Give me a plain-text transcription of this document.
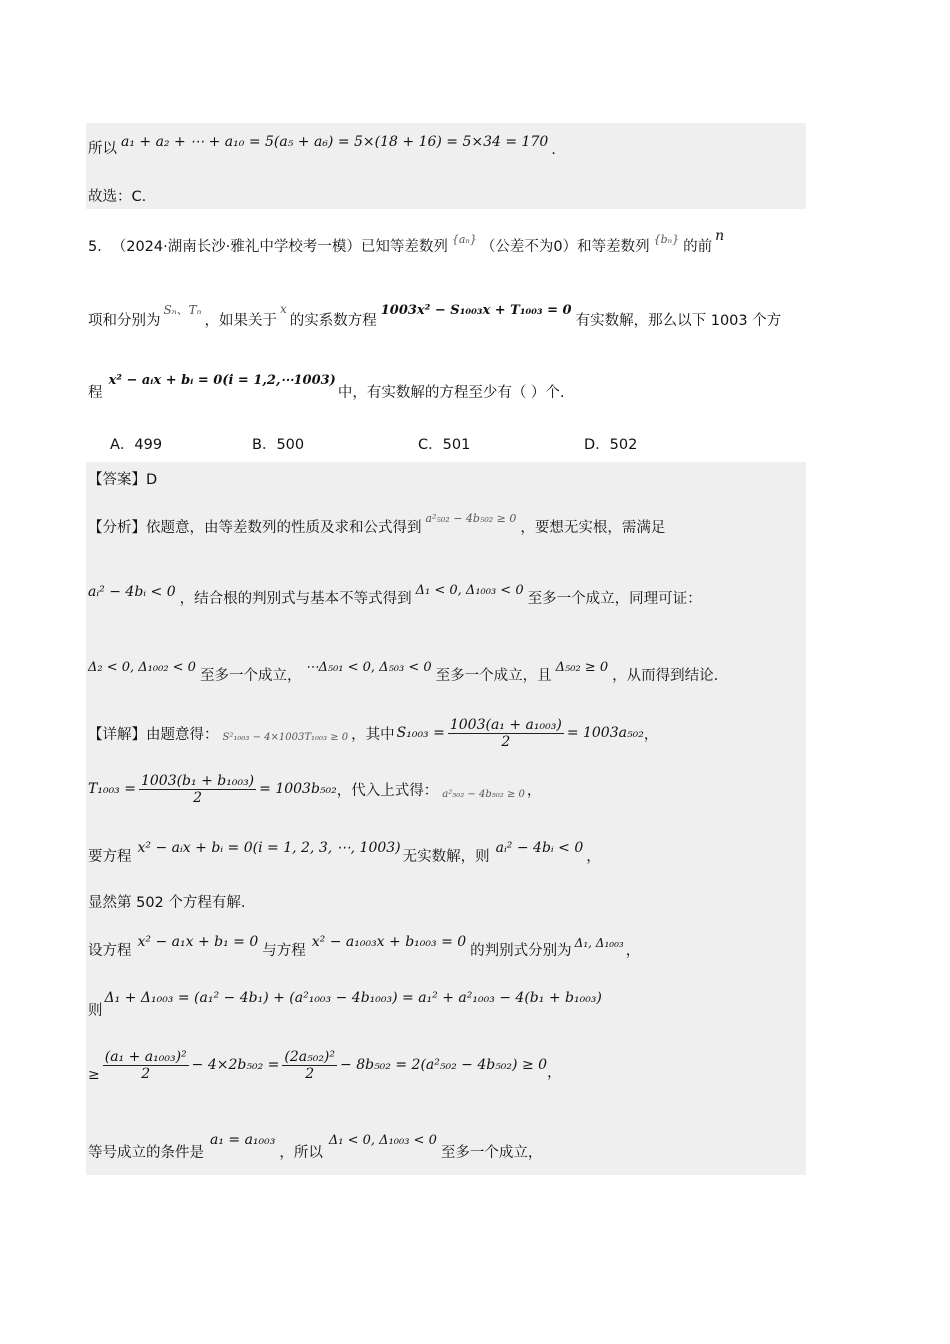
所以 a₁ + a₂ + ⋯ + a₁₀ = 5(a₅ + a₆) = 5×(18 + 16) = 5×34 = 170 .
故选：C.
5． （2024·湖南长沙·雅礼中学校考一模） 已知等差数列 {aₙ} （公差不为0）和等差数列 {bₙ} 的前
n
项和分别为
Sₙ、Tₙ
，如果关于
x
的实系数方程
1003x² − S₁₀₀₃x + T₁₀₀₃ = 0
有实数解，那么以下 1003 个方
程
x² − aᵢx + bᵢ = 0(i = 1,2,⋯1003)
中，有实数解的方程至少有（ ）个.
A．499	B．500	C．501	D．502
【答案】D
【分析】 依题意，由等差数列的性质及求和公式得到
a²₅₀₂ − 4b₅₀₂ ≥ 0
，要想无实根，需满足
aᵢ² − 4bᵢ < 0 ，结合根的判别式与基本不等式得到
Δ₁ < 0, Δ₁₀₀₃ < 0
至多一个成立，同理可证：
Δ₂ < 0, Δ₁₀₀₂ < 0
至多一个成立，
⋯Δ₅₀₁ < 0, Δ₅₀₃ < 0
至多一个成立，且
Δ₅₀₂ ≥ 0
，从而得到结论.
【详解】 由题意得： S²₁₀₀₃ − 4×1003T₁₀₀₃ ≥ 0 ，其中 $S_{1003} = \frac{\text{1003(a₁ + a₁₀₀₃)}}{2} = 1003a_{502}$ ，
$T_{1003} = \frac{\text{1003(b₁ + b₁₀₀₃)}}{2} = 1003b_{502}$ ，代入上式得： a²₅₀₂ − 4b₅₀₂ ≥ 0 ，
要方程
x² − aᵢx + bᵢ = 0(i = 1, 2, 3, ⋯, 1003)
无实数解，则
aᵢ² − 4bᵢ < 0
，
显然第 502 个方程有解.
设方程
x² − a₁x + b₁ = 0
与方程
x² − a₁₀₀₃x + b₁₀₀₃ = 0
的判别式分别为 Δ₁, Δ₁₀₀₃ ，
则
Δ₁ + Δ₁₀₀₃ = (a₁² − 4b₁) + (a²₁₀₀₃ − 4b₁₀₀₃) = a₁² + a²₁₀₀₃ − 4(b₁ + b₁₀₀₃)
≥ $\frac{\text{(a₁ + a₁₀₀₃)²}}{2} - 4\times 2b_{502} = \frac{\text{(2a₅₀₂)²}}{2} - 8b_{502} = 2(a^2_{502} - 4b_{502}) \ge 0$ ，
等号成立的条件是
a₁ = a₁₀₀₃
，所以
Δ₁ < 0, Δ₁₀₀₃ < 0
至多一个成立，
